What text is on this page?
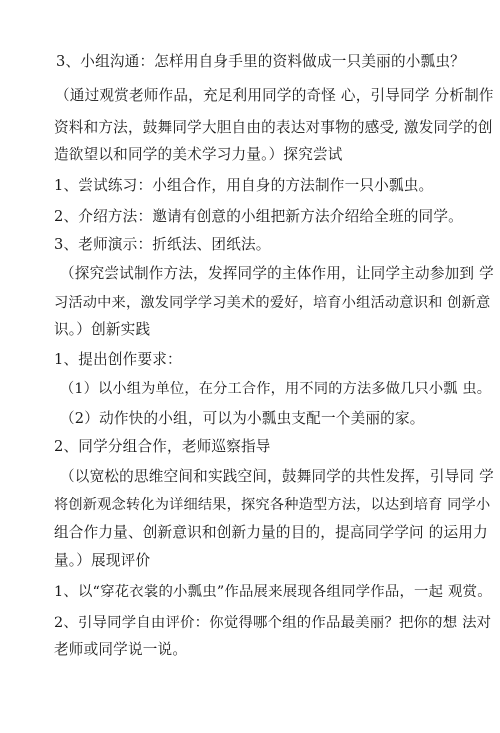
3、小组沟通：怎样用自身手里的资料做成一只美丽的小瓢虫？
（通过观赏老师作品，充足利用同学的奇怪 心，引导同学 分析制作
资料和方法，鼓舞同学大胆自由的表达对事物的感受, 激发同学的创
造欲望以和同学的美术学习力量。）探究尝试
1、尝试练习：小组合作，用自身的方法制作一只小瓢虫。
2、介绍方法：邀请有创意的小组把新方法介绍给全班的同学。
3、老师演示：折纸法、团纸法。
（探究尝试制作方法，发挥同学的主体作用，让同学主动参加到 学
习活动中来，激发同学学习美术的爱好，培育小组活动意识和 创新意
识。）创新实践
1、提出创作要求：
（1）以小组为单位，在分工合作，用不同的方法多做几只小瓢 虫。
（2）动作快的小组，可以为小瓢虫支配一个美丽的家。
2、同学分组合作，老师巡察指导
（以宽松的思维空间和实践空间，鼓舞同学的共性发挥，引导同 学
将创新观念转化为详细结果，探究各种造型方法，以达到培育 同学小
组合作力量、创新意识和创新力量的目的，提高同学学问 的运用力
量。）展现评价
1、以“穿花衣裳的小瓢虫”作品展来展现各组同学作品，一起 观赏。
2、引导同学自由评价：你觉得哪个组的作品最美丽？把你的想 法对
老师或同学说一说。
